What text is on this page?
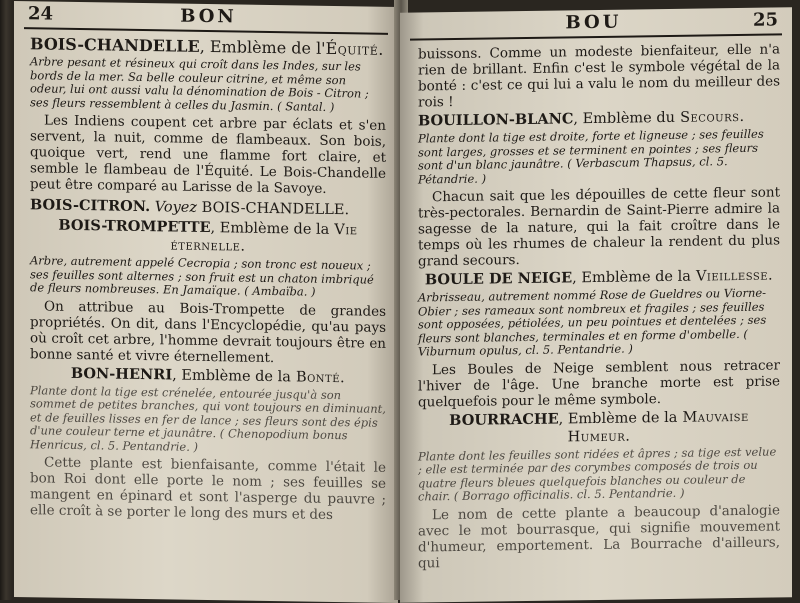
24	BON
BOIS-CHANDELLE, Emblème de l'Équité.
Arbre pesant et résineux qui croît dans les Indes, sur les bords de la mer. Sa belle couleur citrine, et même son odeur, lui ont aussi valu la dénomination de Bois - Citron ; ses fleurs ressemblent à celles du Jasmin. ( Santal. )
Les Indiens coupent cet arbre par éclats et s'en servent, la nuit, comme de flambeaux. Son bois, quoique vert, rend une flamme fort claire, et semble le flambeau de l'Équité. Le Bois-Chandelle peut être comparé au Larisse de la Savoye.
BOIS-CITRON. Voyez BOIS-CHANDELLE.
BOIS-TROMPETTE, Emblème de la Vie éternelle.
Arbre, autrement appelé Cecropia ; son tronc est noueux ; ses feuilles sont alternes ; son fruit est un chaton imbriqué de fleurs nombreuses. En Jamaïque. ( Ambaïba. )
On attribue au Bois-Trompette de grandes propriétés. On dit, dans l'Encyclopédie, qu'au pays où croît cet arbre, l'homme devrait toujours être en bonne santé et vivre éternellement.
BON-HENRI, Emblème de la Bonté.
Plante dont la tige est crénelée, entourée jusqu'à son sommet de petites branches, qui vont toujours en diminuant, et de feuilles lisses en fer de lance ; ses fleurs sont des épis d'une couleur terne et jaunâtre. ( Chenopodium bonus Henricus, cl. 5. Pentandrie. )
Cette plante est bienfaisante, comme l'était le bon Roi dont elle porte le nom ; ses feuilles se mangent en épinard et sont l'asperge du pauvre ; elle croît à se porter le long des murs et des
BOU	25
buissons. Comme un modeste bienfaiteur, elle n'a rien de brillant. Enfin c'est le symbole végétal de la bonté : c'est ce qui lui a valu le nom du meilleur des rois !
BOUILLON-BLANC, Emblème du Secours.
Plante dont la tige est droite, forte et ligneuse ; ses feuilles sont larges, grosses et se terminent en pointes ; ses fleurs sont d'un blanc jaunâtre. ( Verbascum Thapsus, cl. 5. Pétandrie. )
Chacun sait que les dépouilles de cette fleur sont très-pectorales. Bernardin de Saint-Pierre admire la sagesse de la nature, qui la fait croître dans le temps où les rhumes de chaleur la rendent du plus grand secours.
BOULE DE NEIGE, Emblème de la Vieillesse.
Arbrisseau, autrement nommé Rose de Gueldres ou Viorne-Obier ; ses rameaux sont nombreux et fragiles ; ses feuilles sont opposées, pétiolées, un peu pointues et dentelées ; ses fleurs sont blanches, terminales et en forme d'ombelle. ( Viburnum opulus, cl. 5. Pentandrie. )
Les Boules de Neige semblent nous retracer l'hiver de l'âge. Une branche morte est prise quelquefois pour le même symbole.
BOURRACHE, Emblème de la Mauvaise Humeur.
Plante dont les feuilles sont ridées et âpres ; sa tige est velue ; elle est terminée par des corymbes composés de trois ou quatre fleurs bleues quelquefois blanches ou couleur de chair. ( Borrago officinalis. cl. 5. Pentandrie. )
Le nom de cette plante a beaucoup d'analogie avec le mot bourrasque, qui signifie mouvement d'humeur, emportement. La Bourrache d'ailleurs, qui
